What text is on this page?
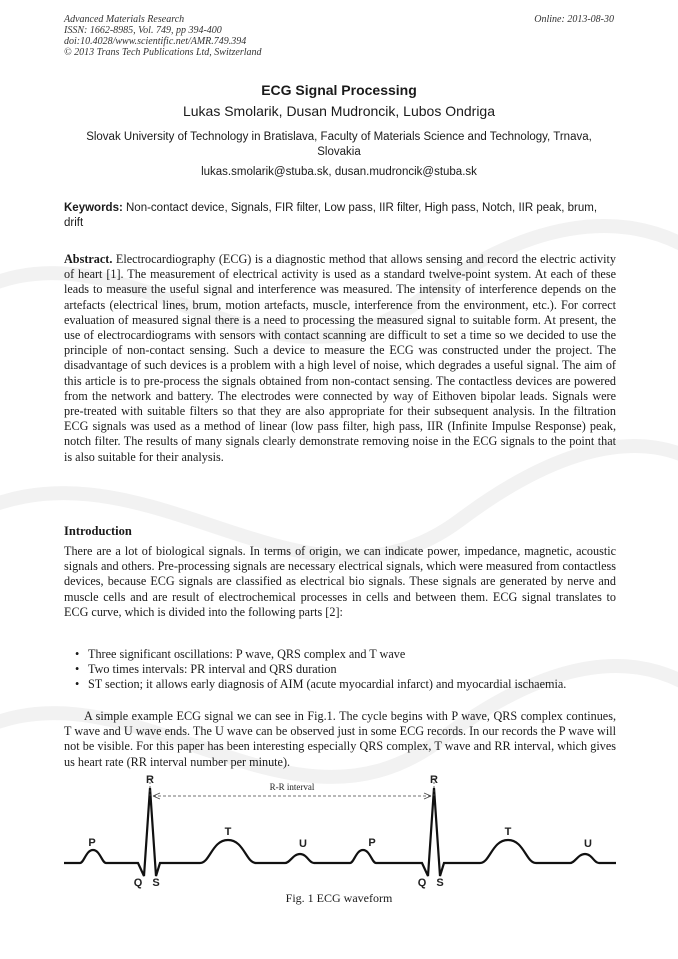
Advanced Materials Research
ISSN: 1662-8985, Vol. 749, pp 394-400
doi:10.4028/www.scientific.net/AMR.749.394
© 2013 Trans Tech Publications Ltd, Switzerland
Online: 2013-08-30
ECG Signal Processing
Lukas Smolarik, Dusan Mudroncik, Lubos Ondriga
Slovak University of Technology in Bratislava, Faculty of Materials Science and Technology, Trnava, Slovakia
lukas.smolarik@stuba.sk, dusan.mudroncik@stuba.sk
Keywords: Non-contact device, Signals, FIR filter, Low pass, IIR filter, High pass, Notch, IIR peak, brum, drift

Abstract. Electrocardiography (ECG) is a diagnostic method that allows sensing and record the electric activity of heart [1]. The measurement of electrical activity is used as a standard twelve-point system. At each of these leads to measure the useful signal and interference was measured. The intensity of interference depends on the artefacts (electrical lines, brum, motion artefacts, muscle, interference from the environment, etc.). For correct evaluation of measured signal there is a need to processing the measured signal to suitable form. At present, the use of electrocardiograms with sensors with contact scanning are difficult to set a time so we decided to use the principle of non-contact sensing. Such a device to measure the ECG was constructed under the project. The disadvantage of such devices is a problem with a high level of noise, which degrades a useful signal. The aim of this article is to pre-process the signals obtained from non-contact sensing. The contactless devices are powered from the network and battery. The electrodes were connected by way of Eithoven bipolar leads. Signals were pre-treated with suitable filters so that they are also appropriate for their subsequent analysis. In the filtration ECG signals was used as a method of linear (low pass filter, high pass, IIR (Infinite Impulse Response) peak, notch filter. The results of many signals clearly demonstrate removing noise in the ECG signals to the point that is also suitable for their analysis.

Introduction

There are a lot of biological signals. In terms of origin, we can indicate power, impedance, magnetic, acoustic signals and others. Pre-processing signals are necessary electrical signals, which were measured from contactless devices, because ECG signals are classified as electrical bio signals. These signals are generated by nerve and muscle cells and are result of electrochemical processes in cells and between them. ECG signal translates to ECG curve, which is divided into the following parts [2]:

• Three significant oscillations: P wave, QRS complex and T wave
• Two times intervals: PR interval and QRS duration
• ST section; it allows early diagnosis of AIM (acute myocardial infarct) and myocardial ischaemia.

A simple example ECG signal we can see in Fig.1. The cycle begins with P wave, QRS complex continues, T wave and U wave ends. The U wave can be observed just in some ECG records. In our records the P wave will not be visible. For this paper has been interesting especially QRS complex, T wave and RR interval, which gives us heart rate (RR interval number per minute).

R-R interval
P
R
Q S
T
U	P
R
Q S
T
U
Fig. 1 ECG waveform
